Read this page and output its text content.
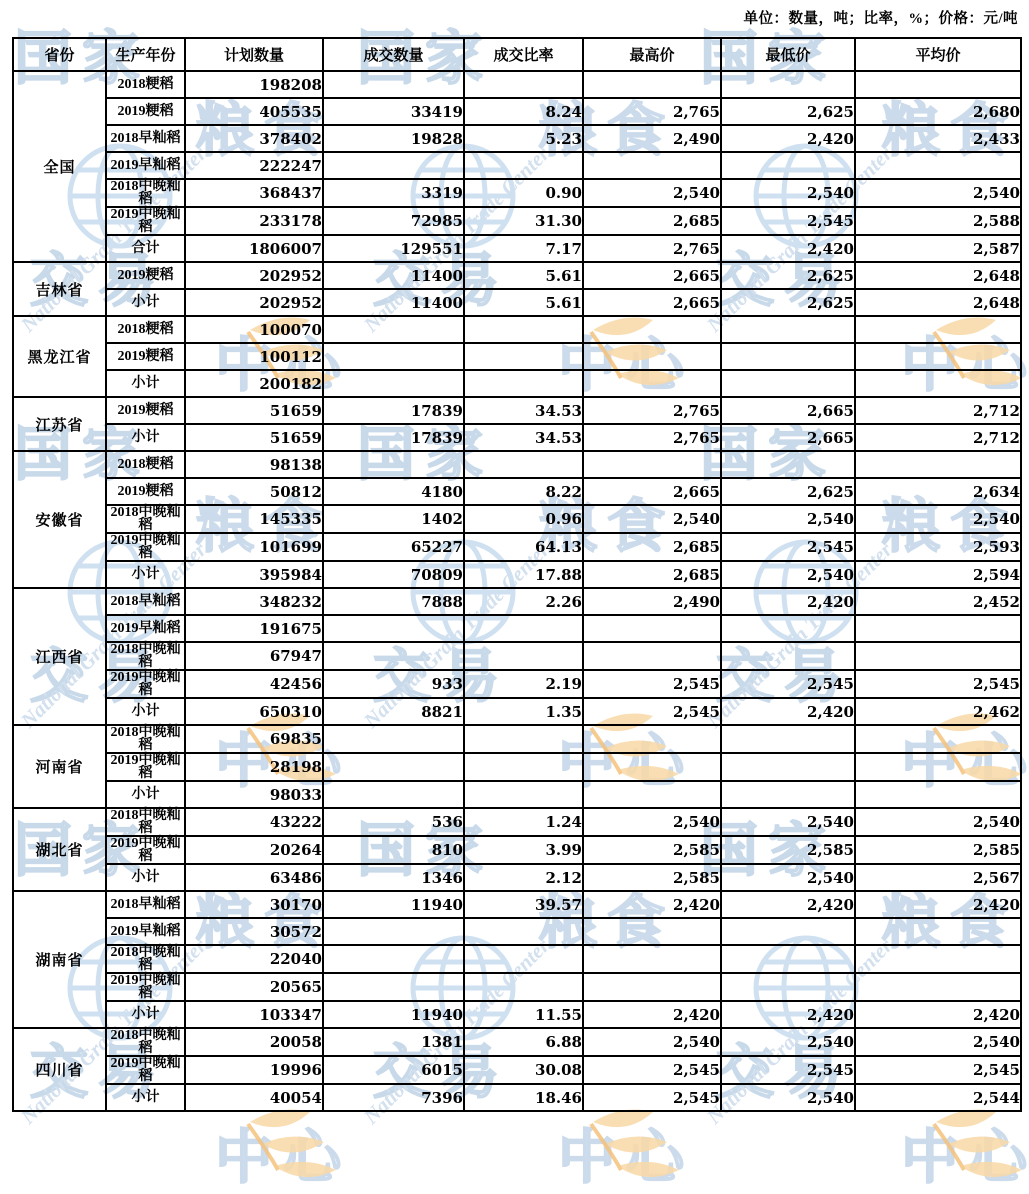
单位：数量，吨；比率，%；价格：元/吨
省份	生产年份	计划数量	成交数量	成交比率	最高价	最低价	平均价
全国	2018粳稻	198208					
	2019粳稻	405535	33419	8.24	2,765	2,625	2,680
	2018早籼稻	378402	19828	5.23	2,490	2,420	2,433
	2019早籼稻	222247					
	2018中晚籼稻	368437	3319	0.90	2,540	2,540	2,540
	2019中晚籼稻	233178	72985	31.30	2,685	2,545	2,588
	合计	1806007	129551	7.17	2,765	2,420	2,587
吉林省	2019粳稻	202952	11400	5.61	2,665	2,625	2,648
	小计	202952	11400	5.61	2,665	2,625	2,648
黑龙江省	2018粳稻	100070					
	2019粳稻	100112					
	小计	200182					
江苏省	2019粳稻	51659	17839	34.53	2,765	2,665	2,712
	小计	51659	17839	34.53	2,765	2,665	2,712
安徽省	2018粳稻	98138					
	2019粳稻	50812	4180	8.22	2,665	2,625	2,634
	2018中晚籼稻	145335	1402	0.96	2,540	2,540	2,540
	2019中晚籼稻	101699	65227	64.13	2,685	2,545	2,593
	小计	395984	70809	17.88	2,685	2,540	2,594
江西省	2018早籼稻	348232	7888	2.26	2,490	2,420	2,452
	2019早籼稻	191675					
	2018中晚籼稻	67947					
	2019中晚籼稻	42456	933	2.19	2,545	2,545	2,545
	小计	650310	8821	1.35	2,545	2,420	2,462
河南省	2018中晚籼稻	69835					
	2019中晚籼稻	28198					
	小计	98033					
湖北省	2018中晚籼稻	43222	536	1.24	2,540	2,540	2,540
	2019中晚籼稻	20264	810	3.99	2,585	2,585	2,585
	小计	63486	1346	2.12	2,585	2,540	2,567
湖南省	2018早籼稻	30170	11940	39.57	2,420	2,420	2,420
	2019早籼稻	30572					
	2018中晚籼稻	22040					
	2019中晚籼稻	20565					
	小计	103347	11940	11.55	2,420	2,420	2,420
四川省	2018中晚籼稻	20058	1381	6.88	2,540	2,540	2,540
	2019中晚籼稻	19996	6015	30.08	2,545	2,545	2,545
	小计	40054	7396	18.46	2,545	2,540	2,544
